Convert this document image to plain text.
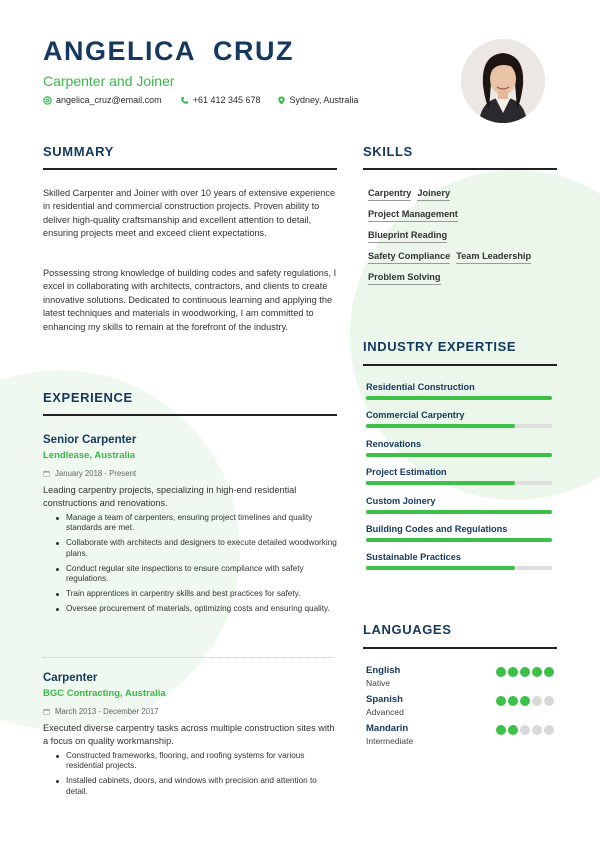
ANGELICA  CRUZ
Carpenter and Joiner
angelica_cruz@email.com	+61 412 345 678	Sydney, Australia
SUMMARY

Skilled Carpenter and Joiner with over 10 years of extensive experience in residential and commercial construction projects. Proven ability to deliver high-quality craftsmanship and excellent attention to detail, ensuring projects meet and exceed client expectations.

Possessing strong knowledge of building codes and safety regulations, I excel in collaborating with architects, contractors, and clients to create innovative solutions. Dedicated to continuous learning and applying the latest techniques and materials in woodworking, I am committed to enhancing my skills to remain at the forefront of the industry.

SKILLS
Carpentry Joinery
Project Management
Blueprint Reading
Safety Compliance Team Leadership
Problem Solving
INDUSTRY EXPERTISE
Residential Construction
Commercial Carpentry
Renovations
Project Estimation
Custom Joinery
Building Codes and Regulations
Sustainable Practices
LANGUAGES
English
Native
Spanish
Advanced
Mandarin
Intermediate
EXPERIENCE
Senior Carpenter
Lendlease, Australia
January 2018 - Present
Leading carpentry projects, specializing in high-end residential constructions and renovations.
Manage a team of carpenters, ensuring project timelines and quality standards are met.
Collaborate with architects and designers to execute detailed woodworking plans.
Conduct regular site inspections to ensure compliance with safety regulations.
Train apprentices in carpentry skills and best practices for safety.
Oversee procurement of materials, optimizing costs and ensuring quality.
Carpenter
BGC Contracting, Australia
March 2013 - December 2017
Executed diverse carpentry tasks across multiple construction sites with a focus on quality workmanship.
Constructed frameworks, flooring, and roofing systems for various residential projects.
Installed cabinets, doors, and windows with precision and attention to detail.
